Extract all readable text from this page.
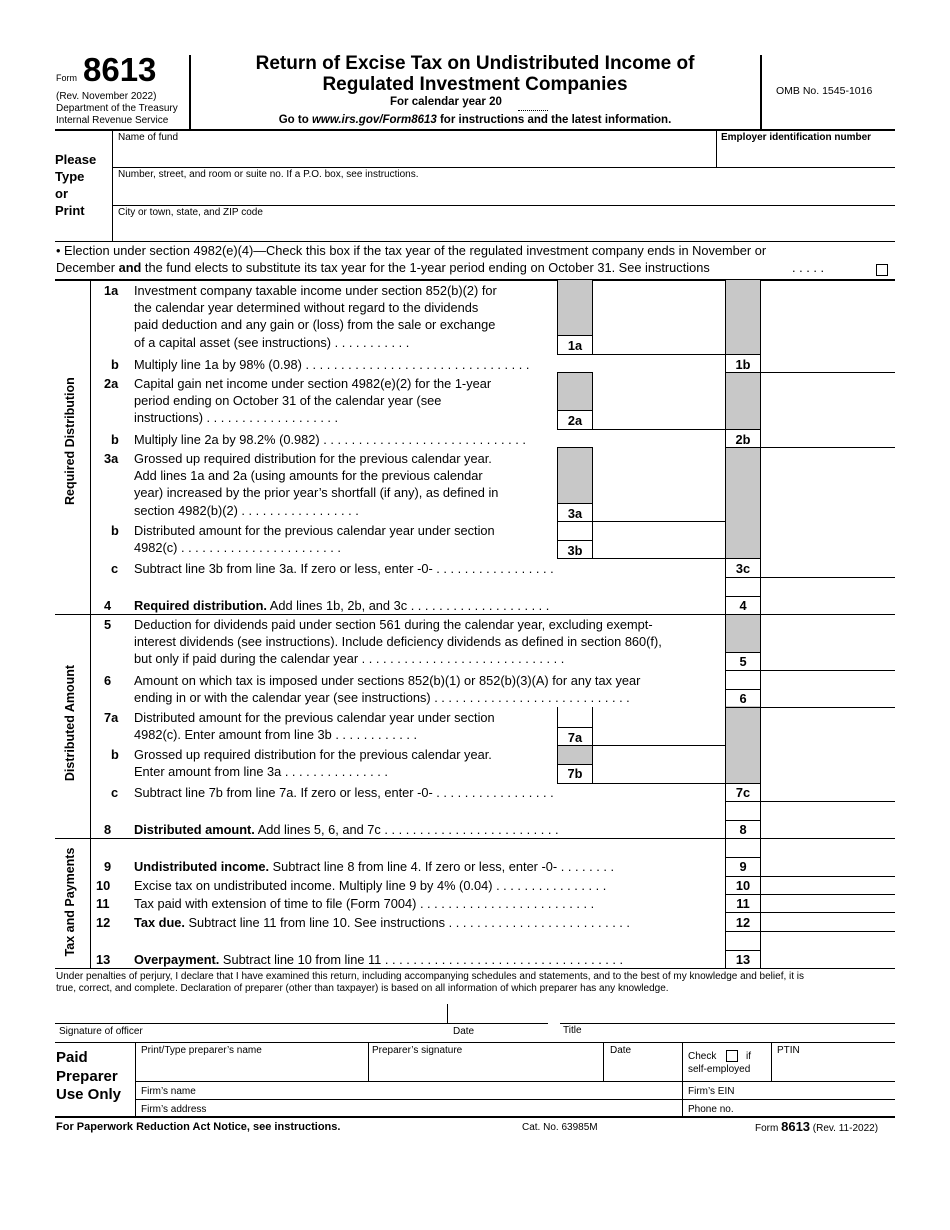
Form 8613
(Rev. November 2022)
Department of the Treasury
Internal Revenue Service
Return of Excise Tax on Undistributed Income of
Regulated Investment Companies
For calendar year 20
Go to www.irs.gov/Form8613 for instructions and the latest information.
OMB No. 1545-1016
Please
Type
or
Print
Name of fund	Employer identification number
Number, street, and room or suite no. If a P.O. box, see instructions.
City or town, state, and ZIP code
• Election under section 4982(e)(4)—Check this box if the tax year of the regulated investment company ends in November or
December and the fund elects to substitute its tax year for the 1-year period ending on October 31. See instructions	. . . . .
Required Distribution
Distributed Amount
Tax and Payments
1a Investment company taxable income under section 852(b)(2) for
the calendar year determined without regard to the dividends
paid deduction and any gain or (loss) from the sale or exchange
of a capital asset (see instructions) . . . . . . . . . . .	1a
b Multiply line 1a by 98% (0.98) . . . . . . . . . . . . . . . . . . . . . . . . . . . . . . . .	1b
2a Capital gain net income under section 4982(e)(2) for the 1-year
period ending on October 31 of the calendar year (see
instructions) . . . . . . . . . . . . . . . . . . .	2a
b Multiply line 2a by 98.2% (0.982) . . . . . . . . . . . . . . . . . . . . . . . . . . . . .	2b
3a Grossed up required distribution for the previous calendar year.
Add lines 1a and 2a (using amounts for the previous calendar
year) increased by the prior year’s shortfall (if any), as defined in
section 4982(b)(2) . . . . . . . . . . . . . . . . .	3a
b Distributed amount for the previous calendar year under section
4982(c) . . . . . . . . . . . . . . . . . . . . . . .	3b
c Subtract line 3b from line 3a. If zero or less, enter -0- . . . . . . . . . . . . . . . . .	3c
4 Required distribution. Add lines 1b, 2b, and 3c . . . . . . . . . . . . . . . . . . . .	4
5 Deduction for dividends paid under section 561 during the calendar year, excluding exempt-
interest dividends (see instructions). Include deficiency dividends as defined in section 860(f),
but only if paid during the calendar year . . . . . . . . . . . . . . . . . . . . . . . . . . . . .	5
6 Amount on which tax is imposed under sections 852(b)(1) or 852(b)(3)(A) for any tax year
ending in or with the calendar year (see instructions) . . . . . . . . . . . . . . . . . . . . . . . . . . . .	6
7a Distributed amount for the previous calendar year under section
4982(c). Enter amount from line 3b . . . . . . . . . . . .	7a
b Grossed up required distribution for the previous calendar year.
Enter amount from line 3a . . . . . . . . . . . . . . .	7b
c Subtract line 7b from line 7a. If zero or less, enter -0- . . . . . . . . . . . . . . . . .	7c
8 Distributed amount. Add lines 5, 6, and 7c . . . . . . . . . . . . . . . . . . . . . . . . .	8
9 Undistributed income. Subtract line 8 from line 4. If zero or less, enter -0- . . . . . . . .	9
10 Excise tax on undistributed income. Multiply line 9 by 4% (0.04) . . . . . . . . . . . . . . . .	10
11 Tax paid with extension of time to file (Form 7004) . . . . . . . . . . . . . . . . . . . . . . . . .	11
12 Tax due. Subtract line 11 from line 10. See instructions . . . . . . . . . . . . . . . . . . . . . . . . . .	12
13 Overpayment. Subtract line 10 from line 11 . . . . . . . . . . . . . . . . . . . . . . . . . . . . . . . . . .	13
Under penalties of perjury, I declare that I have examined this return, including accompanying schedules and statements, and to the best of my knowledge and belief, it is
true, correct, and complete. Declaration of preparer (other than taxpayer) is based on all information of which preparer has any knowledge.
Signature of officer	Date	Title
Paid
Preparer
Use Only
Print/Type preparer’s name	Preparer’s signature	Date
Check	if
self-employed
PTIN
Firm’s name	Firm’s EIN
Firm’s address	Phone no.
For Paperwork Reduction Act Notice, see instructions.	Cat. No. 63985M	Form 8613 (Rev. 11-2022)
